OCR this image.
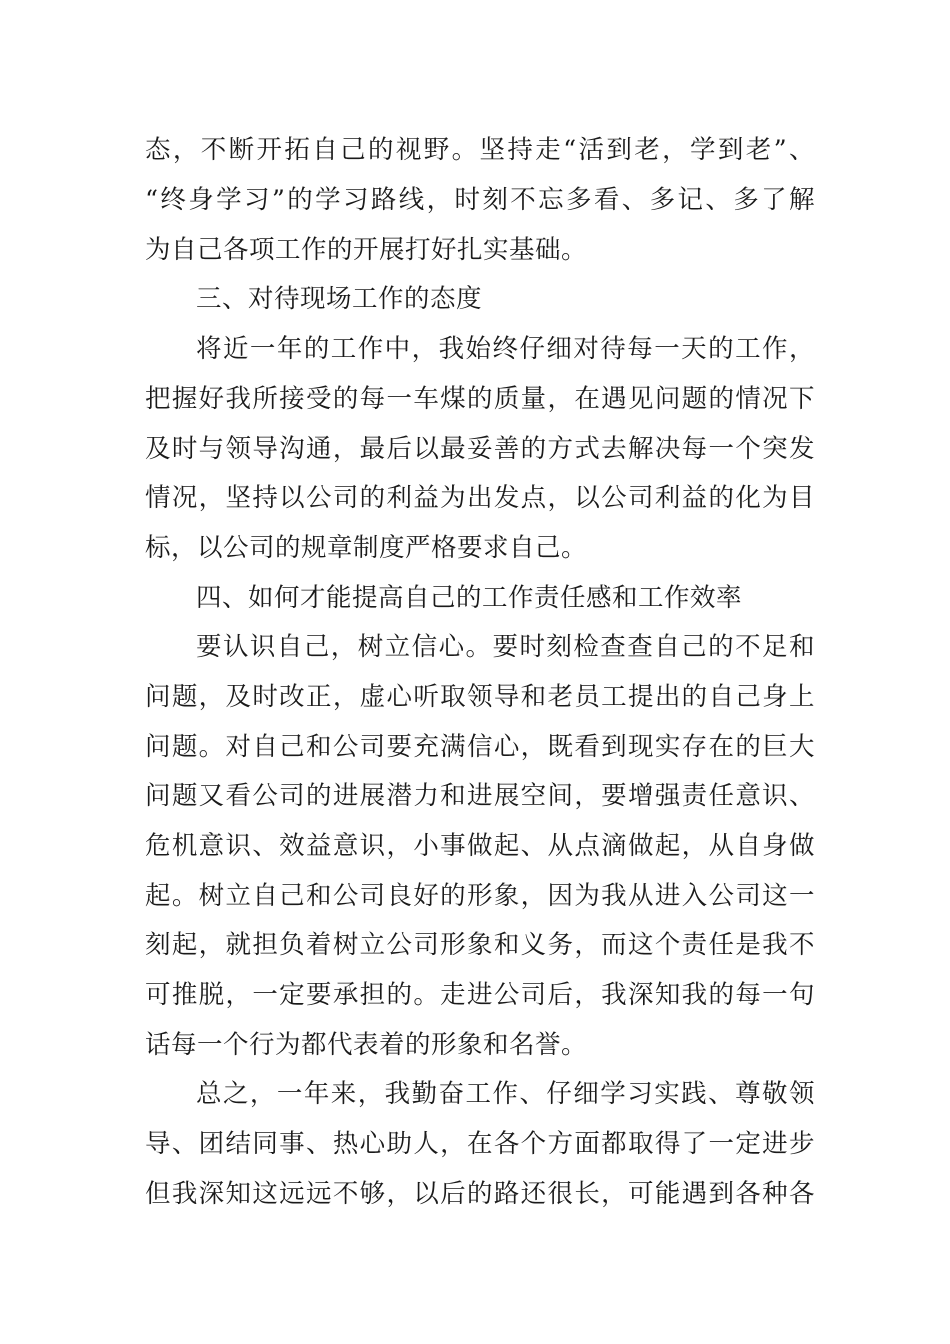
态，不断开拓自己的视野。坚持走“活到老，学到老”、
“终身学习”的学习路线，时刻不忘多看、多记、多了解
为自己各项工作的开展打好扎实基础。
三、对待现场工作的态度
将近一年的工作中，我始终仔细对待每一天的工作，
把握好我所接受的每一车煤的质量，在遇见问题的情况下
及时与领导沟通，最后以最妥善的方式去解决每一个突发
情况，坚持以公司的利益为出发点，以公司利益的化为目
标，以公司的规章制度严格要求自己。
四、如何才能提高自己的工作责任感和工作效率
要认识自己，树立信心。要时刻检查查自己的不足和
问题，及时改正，虚心听取领导和老员工提出的自己身上
问题。对自己和公司要充满信心，既看到现实存在的巨大
问题又看公司的进展潜力和进展空间，要增强责任意识、
危机意识、效益意识，小事做起、从点滴做起，从自身做
起。树立自己和公司良好的形象，因为我从进入公司这一
刻起，就担负着树立公司形象和义务，而这个责任是我不
可推脱，一定要承担的。走进公司后，我深知我的每一句
话每一个行为都代表着的形象和名誉。
总之，一年来，我勤奋工作、仔细学习实践、尊敬领
导、团结同事、热心助人，在各个方面都取得了一定进步
但我深知这远远不够，以后的路还很长，可能遇到各种各
